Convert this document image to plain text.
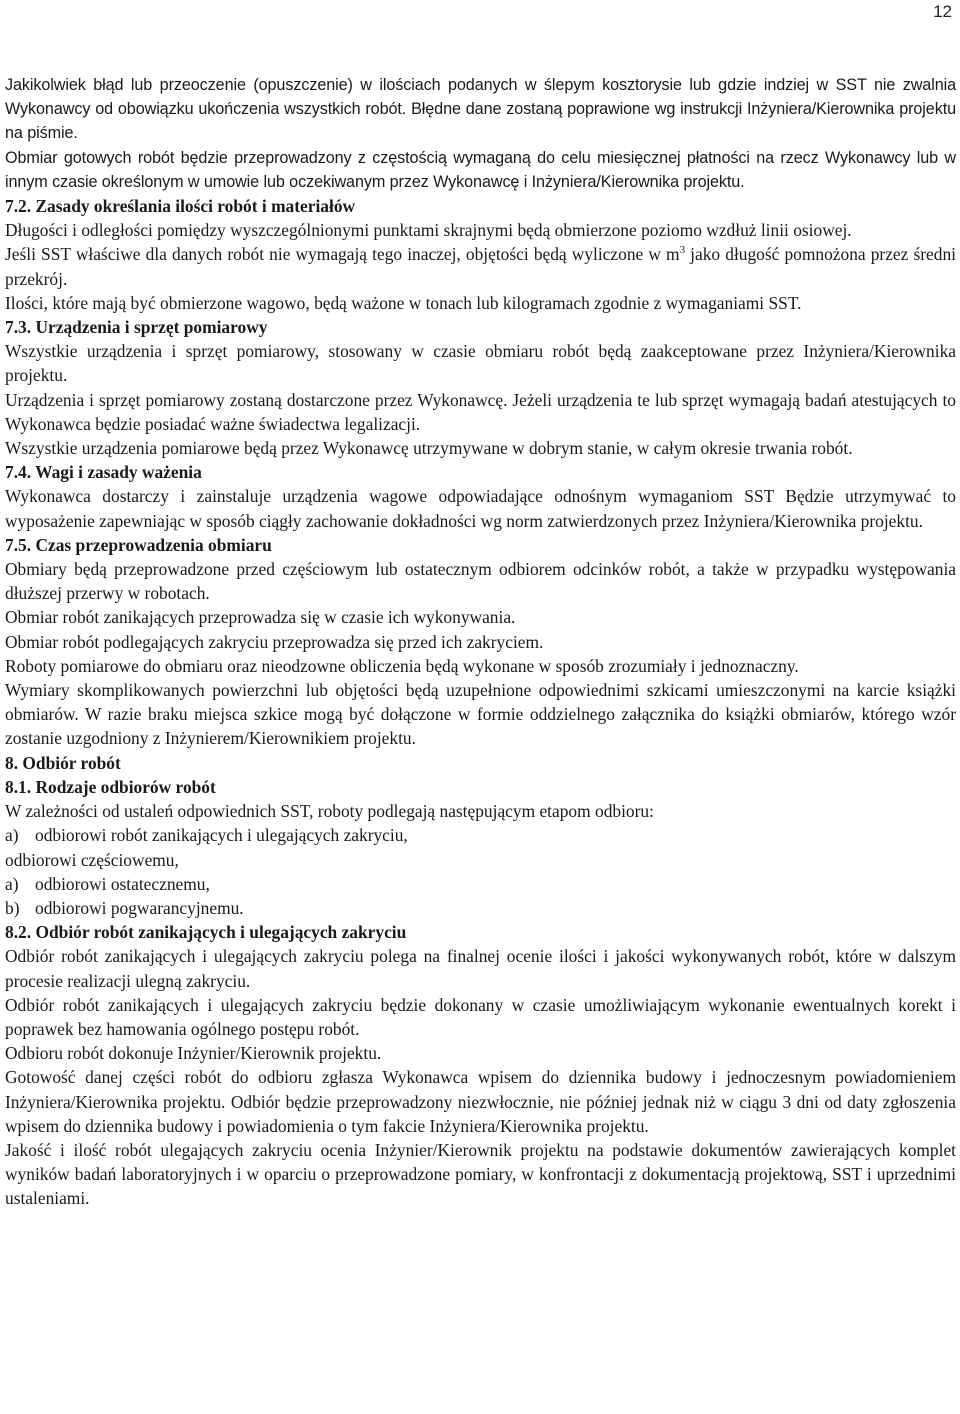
12

Jakikolwiek błąd lub przeoczenie (opuszczenie) w ilościach podanych w ślepym kosztorysie lub gdzie indziej w SST nie zwalnia Wykonawcy od obowiązku ukończenia wszystkich robót. Błędne dane zostaną poprawione wg instrukcji Inżyniera/Kierownika projektu na piśmie.

Obmiar gotowych robót będzie przeprowadzony z częstością wymaganą do celu miesięcznej płatności na rzecz Wykonawcy lub w innym czasie określonym w umowie lub oczekiwanym przez Wykonawcę i Inżyniera/Kierownika projektu.

7.2. Zasady określania ilości robót i materiałów

Długości i odległości pomiędzy wyszczególnionymi punktami skrajnymi będą obmierzone poziomo wzdłuż linii osiowej.

Jeśli SST właściwe dla danych robót nie wymagają tego inaczej, objętości będą wyliczone w $m^3$ jako długość pomnożona przez średni przekrój.

Ilości, które mają być obmierzone wagowo, będą ważone w tonach lub kilogramach zgodnie z wymaganiami SST.

7.3. Urządzenia i sprzęt pomiarowy

Wszystkie urządzenia i sprzęt pomiarowy, stosowany w czasie obmiaru robót będą zaakceptowane przez Inżyniera/Kierownika projektu.

Urządzenia i sprzęt pomiarowy zostaną dostarczone przez Wykonawcę. Jeżeli urządzenia te lub sprzęt wymagają badań atestujących to Wykonawca będzie posiadać ważne świadectwa legalizacji.

Wszystkie urządzenia pomiarowe będą przez Wykonawcę utrzymywane w dobrym stanie, w całym okresie trwania robót.

7.4. Wagi i zasady ważenia

Wykonawca dostarczy i zainstaluje urządzenia wagowe odpowiadające odnośnym wymaganiom SST Będzie utrzymywać to wyposażenie zapewniając w sposób ciągły zachowanie dokładności wg norm zatwierdzonych przez Inżyniera/Kierownika projektu.

7.5. Czas przeprowadzenia obmiaru

Obmiary będą przeprowadzone przed częściowym lub ostatecznym odbiorem odcinków robót, a także w przypadku występowania dłuższej przerwy w robotach.

Obmiar robót zanikających przeprowadza się w czasie ich wykonywania.

Obmiar robót podlegających zakryciu przeprowadza się przed ich zakryciem.

Roboty pomiarowe do obmiaru oraz nieodzowne obliczenia będą wykonane w sposób zrozumiały i jednoznaczny.

Wymiary skomplikowanych powierzchni lub objętości będą uzupełnione odpowiednimi szkicami umieszczonymi na karcie książki obmiarów. W razie braku miejsca szkice mogą być dołączone w formie oddzielnego załącznika do książki obmiarów, którego wzór zostanie uzgodniony z Inżynierem/Kierownikiem projektu.

8. Odbiór robót

8.1. Rodzaje odbiorów robót

W zależności od ustaleń odpowiednich SST, roboty podlegają następującym etapom odbioru:

a) odbiorowi robót zanikających i ulegających zakryciu,

odbiorowi częściowemu,

a) odbiorowi ostatecznemu,

b) odbiorowi pogwarancyjnemu.

8.2. Odbiór robót zanikających i ulegających zakryciu

Odbiór robót zanikających i ulegających zakryciu polega na finalnej ocenie ilości i jakości wykonywanych robót, które w dalszym procesie realizacji ulegną zakryciu.

Odbiór robót zanikających i ulegających zakryciu będzie dokonany w czasie umożliwiającym wykonanie ewentualnych korekt i poprawek bez hamowania ogólnego postępu robót.

Odbioru robót dokonuje Inżynier/Kierownik projektu.

Gotowość danej części robót do odbioru zgłasza Wykonawca wpisem do dziennika budowy i jednoczesnym powiadomieniem Inżyniera/Kierownika projektu. Odbiór będzie przeprowadzony niezwłocznie, nie później jednak niż w ciągu 3 dni od daty zgłoszenia wpisem do dziennika budowy i powiadomienia o tym fakcie Inżyniera/Kierownika projektu.

Jakość i ilość robót ulegających zakryciu ocenia Inżynier/Kierownik projektu na podstawie dokumentów zawierających komplet wyników badań laboratoryjnych i w oparciu o przeprowadzone pomiary, w konfrontacji z dokumentacją projektową, SST i uprzednimi ustaleniami.
